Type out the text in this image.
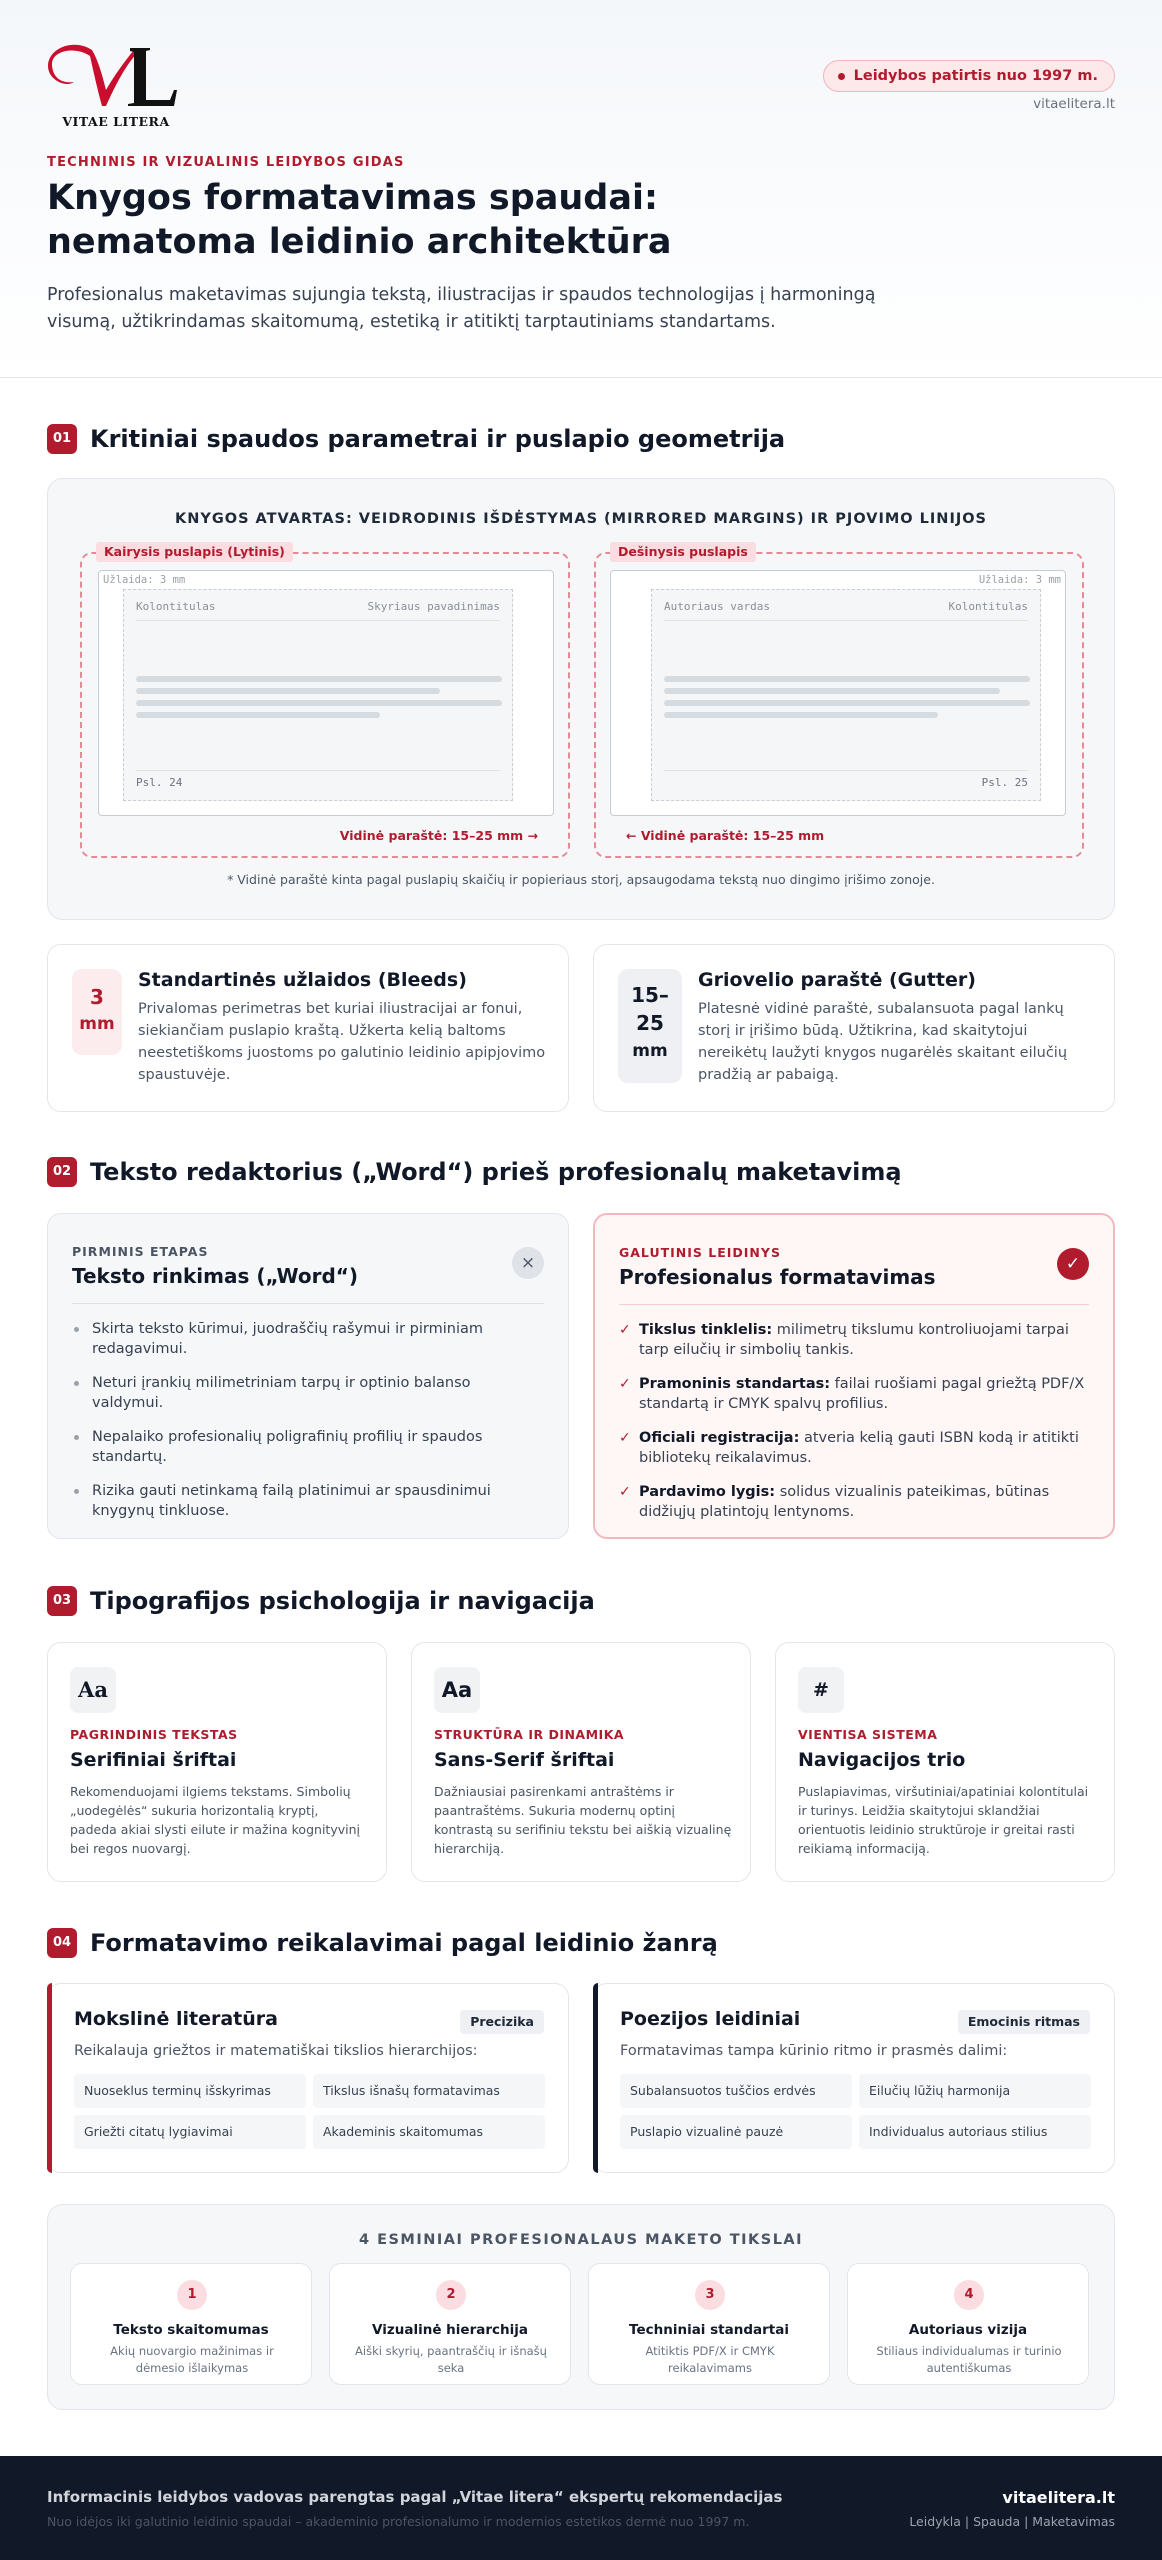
VITAE LITERA
Leidybos patirtis nuo 1997 m.
vitaelitera.lt
TECHNINIS IR VIZUALINIS LEIDYBOS GIDAS
Knygos formatavimas spaudai:
nematoma leidinio architektūra

Profesionalus maketavimas sujungia tekstą, iliustracijas ir spaudos technologijas į harmoningą visumą, užtikrindamas skaitomumą, estetiką ir atitiktį tarptautiniams standartams.

01 Kritiniai spaudos parametrai ir puslapio geometrija
KNYGOS ATVARTAS: VEIDRODINIS IŠDĖSTYMAS (MIRRORED MARGINS) IR PJOVIMO LINIJOS
Kairysis puslapis (Lytinis)
Užlaida: 3 mm
Kolontitulas	Skyriaus pavadinimas
Psl. 24
Vidinė paraštė: 15–25 mm →
Dešinysis puslapis
Užlaida: 3 mm
Autoriaus vardas	Kolontitulas
Psl. 25
← Vidinė paraštė: 15–25 mm
* Vidinė paraštė kinta pagal puslapių skaičių ir popieriaus storį, apsaugodama tekstą nuo dingimo įrišimo zonoje.
3
mm
Standartinės užlaidos (Bleeds)
Privalomas perimetras bet kuriai iliustracijai ar fonui, siekiančiam puslapio kraštą. Užkerta kelią baltoms neestetiškoms juostoms po galutinio leidinio apipjovimo spaustuvėje.
15–
25
mm
Griovelio paraštė (Gutter)
Platesnė vidinė paraštė, subalansuota pagal lankų storį ir įrišimo būdą. Užtikrina, kad skaitytojui nereikėtų laužyti knygos nugarėlės skaitant eilučių pradžią ar pabaigą.
02 Teksto redaktorius („Word“) prieš profesionalų maketavimą
PIRMINIS ETAPAS
Teksto rinkimas („Word“)
×
Skirta teksto kūrimui, juodraščių rašymui ir pirminiam redagavimui.
Neturi įrankių milimetriniam tarpų ir optinio balanso valdymui.
Nepalaiko profesionalių poligrafinių profilių ir spaudos standartų.
Rizika gauti netinkamą failą platinimui ar spausdinimui knygynų tinkluose.
GALUTINIS LEIDINYS
Profesionalus formatavimas
✓
✓ Tikslus tinklelis: milimetrų tikslumu kontroliuojami tarpai tarp eilučių ir simbolių tankis.
✓ Pramoninis standartas: failai ruošiami pagal griežtą PDF/X standartą ir CMYK spalvų profilius.
✓ Oficiali registracija: atveria kelią gauti ISBN kodą ir atitikti bibliotekų reikalavimus.
✓ Pardavimo lygis: solidus vizualinis pateikimas, būtinas didžiųjų platintojų lentynoms.
03 Tipografijos psichologija ir navigacija
Aa
PAGRINDINIS TEKSTAS
Serifiniai šriftai
Rekomenduojami ilgiems tekstams. Simbolių „uodegėlės“ sukuria horizontalią kryptį, padeda akiai slysti eilute ir mažina kognityvinį bei regos nuovargį.
Aa
STRUKTŪRA IR DINAMIKA
Sans-Serif šriftai
Dažniausiai pasirenkami antraštėms ir paantraštėms. Sukuria modernų optinį kontrastą su serifiniu tekstu bei aiškią vizualinę hierarchiją.
#
VIENTISA SISTEMA
Navigacijos trio
Puslapiavimas, viršutiniai/apatiniai kolontitulai ir turinys. Leidžia skaitytojui sklandžiai orientuotis leidinio struktūroje ir greitai rasti reikiamą informaciją.
04 Formatavimo reikalavimai pagal leidinio žanrą
Mokslinė literatūra	Precizika
Reikalauja griežtos ir matematiškai tikslios hierarchijos:
Nuoseklus terminų išskyrimas	Tikslus išnašų formatavimas
Griežti citatų lygiavimai	Akademinis skaitomumas
Poezijos leidiniai	Emocinis ritmas
Formatavimas tampa kūrinio ritmo ir prasmės dalimi:
Subalansuotos tuščios erdvės	Eilučių lūžių harmonija
Puslapio vizualinė pauzė	Individualus autoriaus stilius
4 ESMINIAI PROFESIONALAUS MAKETO TIKSLAI
1
Teksto skaitomumas
Akių nuovargio mažinimas ir dėmesio išlaikymas
2
Vizualinė hierarchija
Aiški skyrių, paantraščių ir išnašų seka
3
Techniniai standartai
Atitiktis PDF/X ir CMYK reikalavimams
4
Autoriaus vizija
Stiliaus individualumas ir turinio autentiškumas
Informacinis leidybos vadovas parengtas pagal „Vitae litera“ ekspertų rekomendacijas
Nuo idėjos iki galutinio leidinio spaudai – akademinio profesionalumo ir modernios estetikos dermė nuo 1997 m.
vitaelitera.lt
Leidykla | Spauda | Maketavimas
